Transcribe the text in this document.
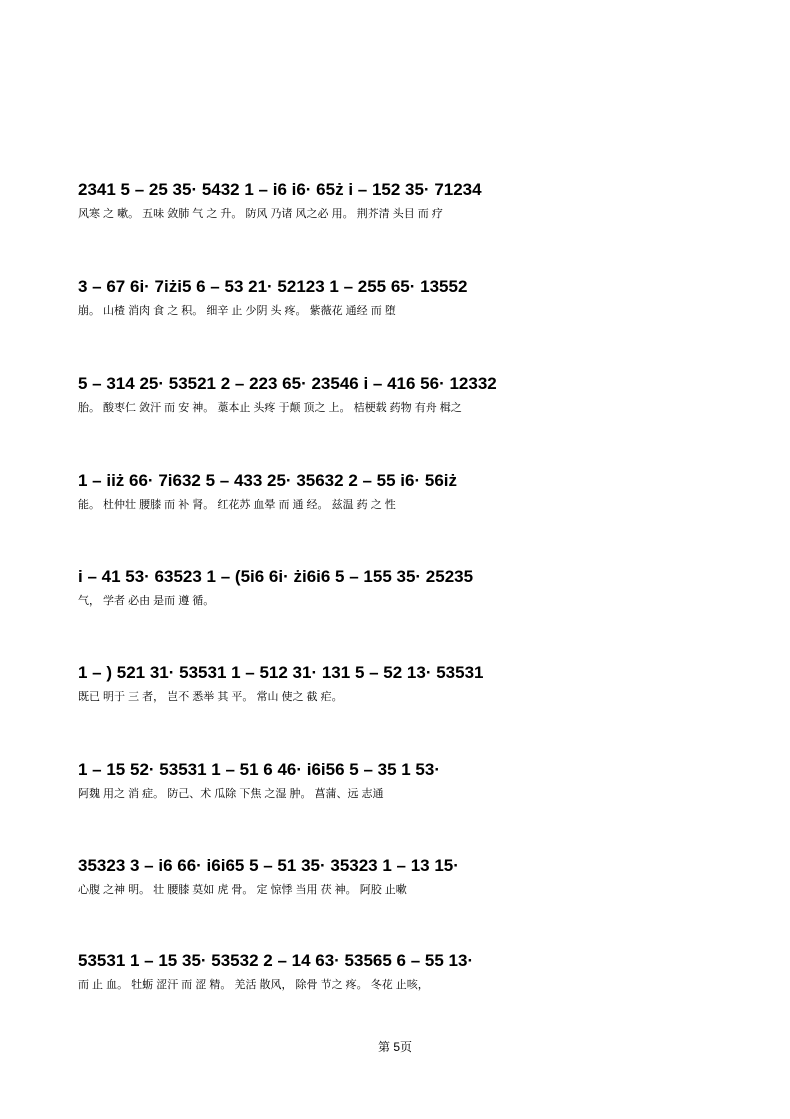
2341 5 – 25 35· 5432 1 – i6 i6· 65ż i – 152 35· 71234
风寒 之 嗽。 五味 敛肺 气 之 升。 防风 乃诸 风之必 用。 荆芥清 头目 而 疗
3 – 67 6i· 7iżi5 6 – 53 21· 52123 1 – 255 65· 13552
崩。 山楂 消肉 食 之 积。 细辛 止 少阴 头 疼。 紫薇花 通经 而 堕
5 – 314 25· 53521 2 – 223 65· 23546 i – 416 56· 12332
胎。 酸枣仁 敛汗 而 安 神。 藁本止 头疼 于颠 顶之 上。 桔梗载 药物 有舟 楫之
1 – iiż 66· 7i632 5 – 433 25· 35632 2 – 55 i6· 56iż
能。 杜仲壮 腰膝 而 补 肾。 红花苏 血晕 而 通 经。 兹温 药 之 性
i – 41 53· 63523 1 – (5i6 6i· żi6i6 5 – 155 35· 25235
气， 学者 必由 是而 遵 循。
1 – ) 521 31· 53531 1 – 512 31· 131 5 – 52 13· 53531
既已 明于 三 者， 岂不 悉举 其 平。 常山 使之 截 疟。
1 – 15 52· 53531 1 – 51 6 46· i6i56 5 – 35 1 53·
阿魏 用之 消 症。 防己、术 瓜除 下焦 之湿 肿。 菖蒲、远 志通
35323 3 – i6 66· i6i65 5 – 51 35· 35323 1 – 13 15·
心腹 之神 明。 壮 腰膝 莫如 虎 骨。 定 惊悸 当用 茯 神。 阿胶 止嗽
53531 1 – 15 35· 53532 2 – 14 63· 53565 6 – 55 13·
而 止 血。 牡蛎 涩汗 而 涩 精。 羌活 散风， 除骨 节之 疼。 冬花 止咳，
第 5页
